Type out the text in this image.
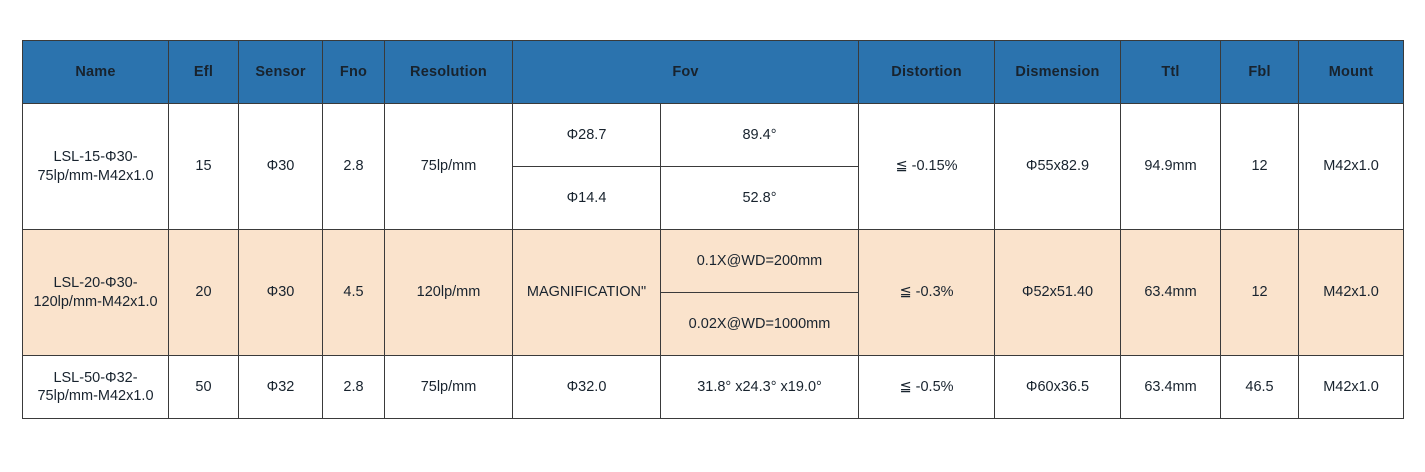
Name	Efl	Sensor	Fno	Resolution	Fov		Distortion	Dismension	Ttl	Fbl	Mount
LSL-15-Φ30-75lp/mm-M42x1.0	15	Φ30	2.8	75lp/mm	Φ28.7	89.4°	≦ -0.15%	Φ55x82.9	94.9mm	12	M42x1.0
					Φ14.4	52.8°					
LSL-20-Φ30-120lp/mm-M42x1.0	20	Φ30	4.5	120lp/mm	MAGNIFICATION"	0.1X@WD=200mm	≦ -0.3%	Φ52x51.40	63.4mm	12	M42x1.0
						0.02X@WD=1000mm					
LSL-50-Φ32-75lp/mm-M42x1.0	50	Φ32	2.8	75lp/mm	Φ32.0	31.8° x24.3° x19.0°	≦ -0.5%	Φ60x36.5	63.4mm	46.5	M42x1.0
